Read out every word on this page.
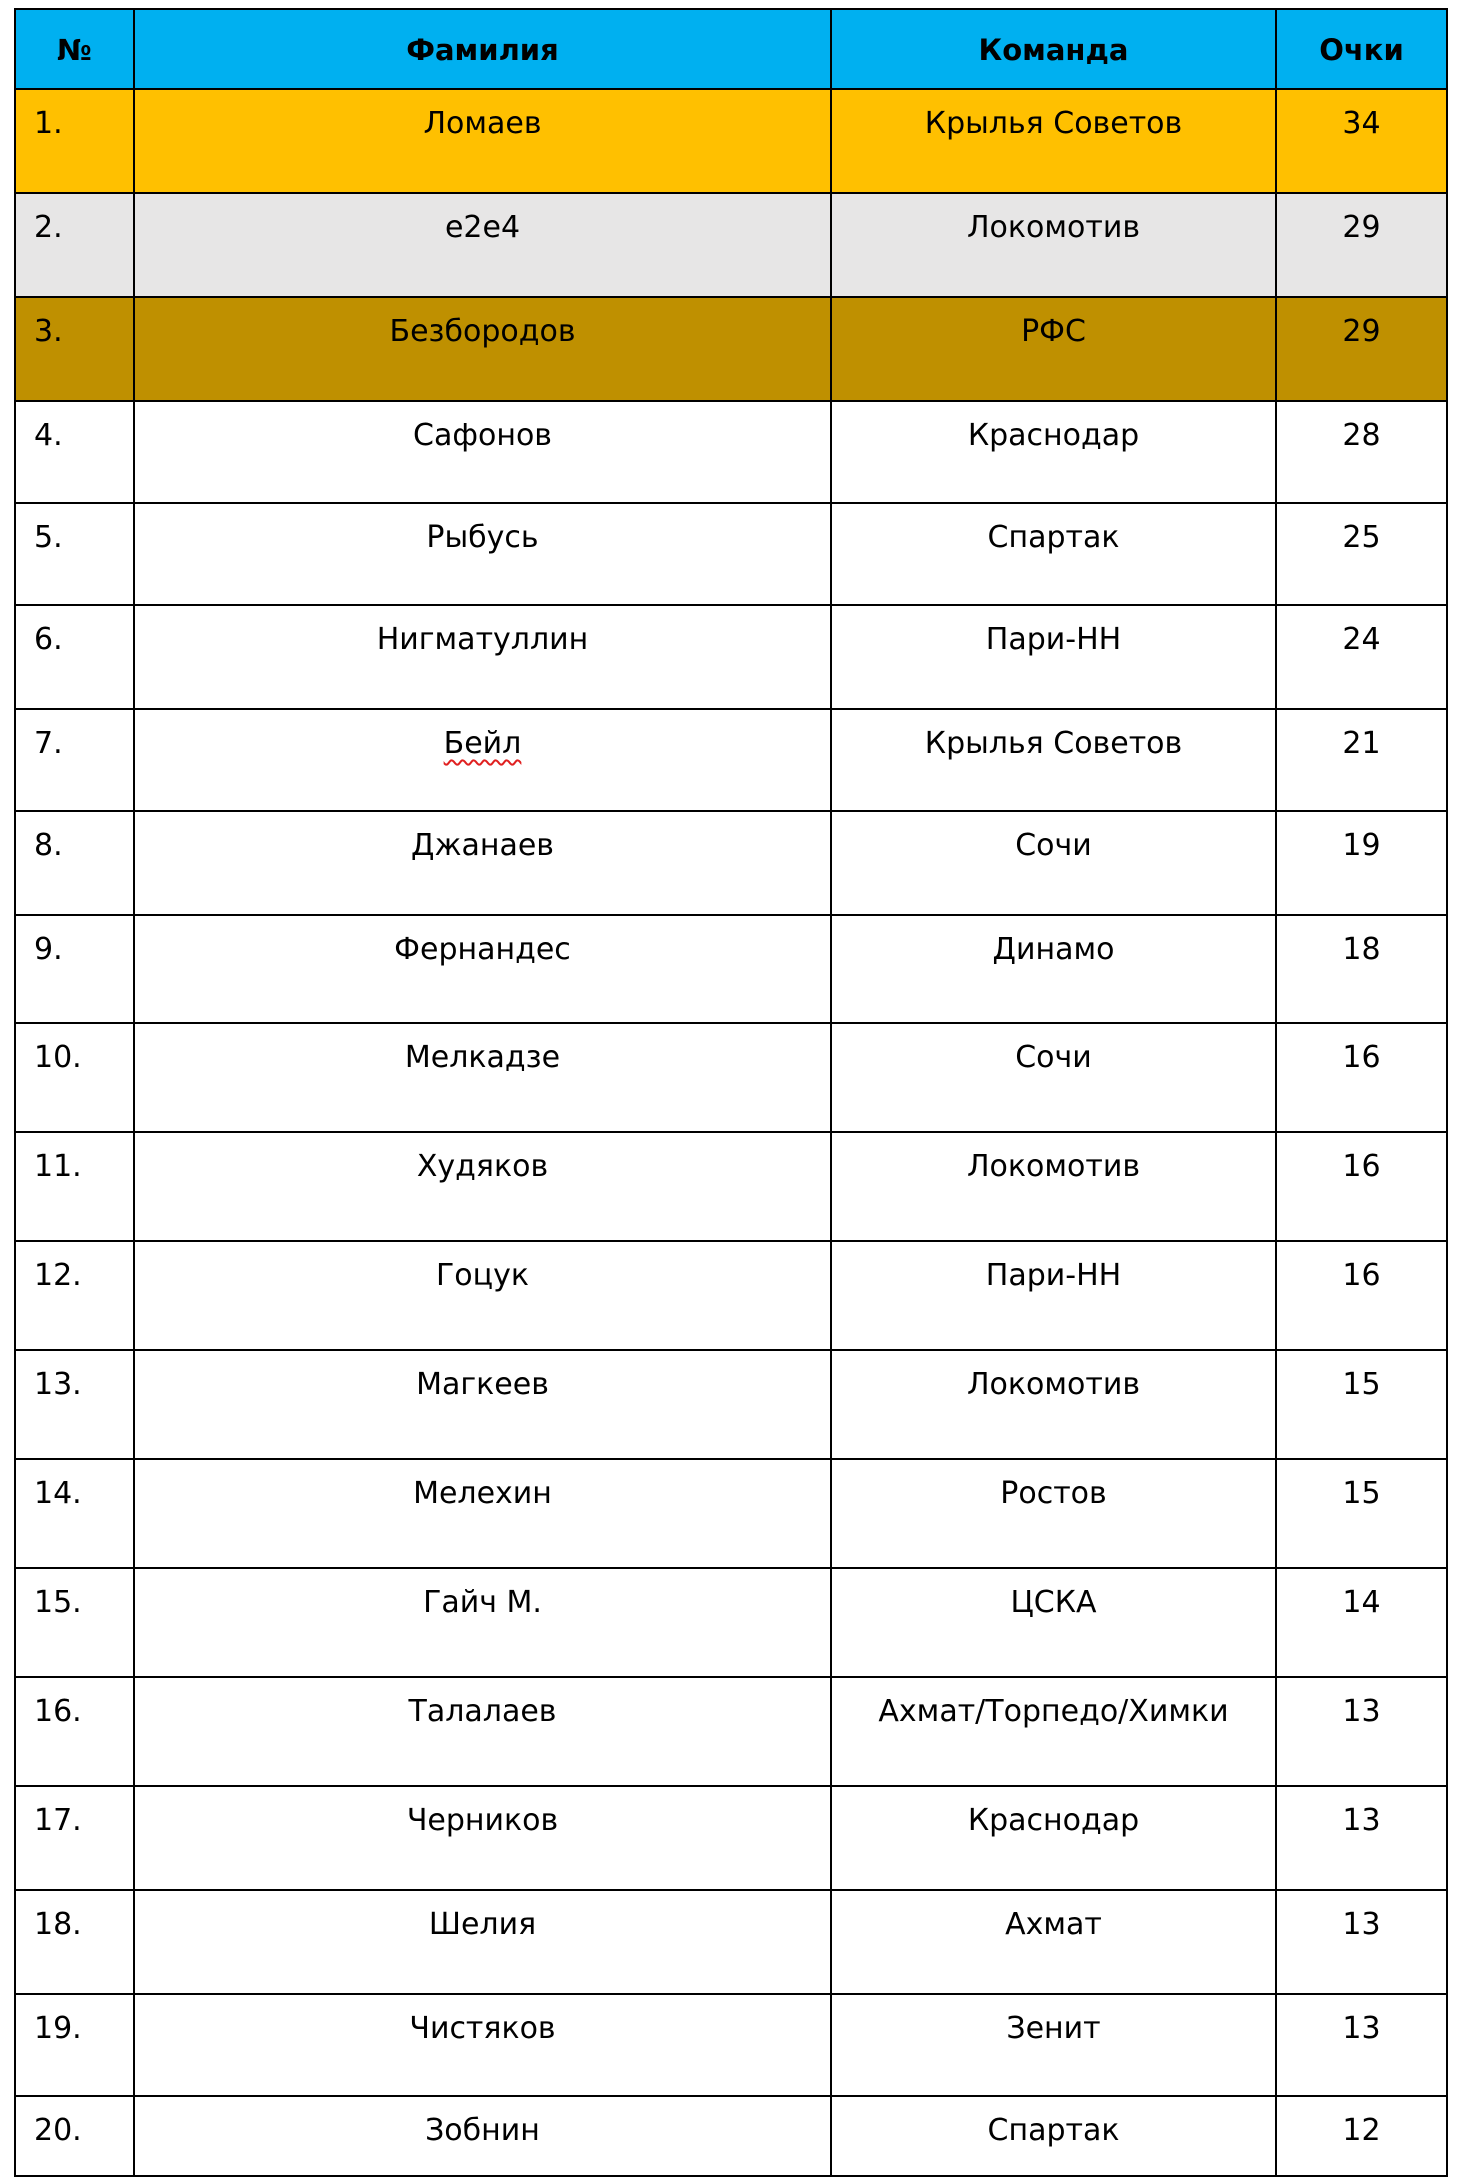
№	Фамилия	Команда	Очки
1.	Ломаев	Крылья Советов	34
2.	е2е4	Локомотив	29
3.	Безбородов	РФС	29
4.	Сафонов	Краснодар	28
5.	Рыбусь	Спартак	25
6.	Нигматуллин	Пари-НН	24
7.	Бейл	Крылья Советов	21
8.	Джанаев	Сочи	19
9.	Фернандес	Динамо	18
10.	Мелкадзе	Сочи	16
11.	Худяков	Локомотив	16
12.	Гоцук	Пари-НН	16
13.	Магкеев	Локомотив	15
14.	Мелехин	Ростов	15
15.	Гайч М.	ЦСКА	14
16.	Талалаев	Ахмат/Торпедо/Химки	13
17.	Черников	Краснодар	13
18.	Шелия	Ахмат	13
19.	Чистяков	Зенит	13
20.	Зобнин	Спартак	12
